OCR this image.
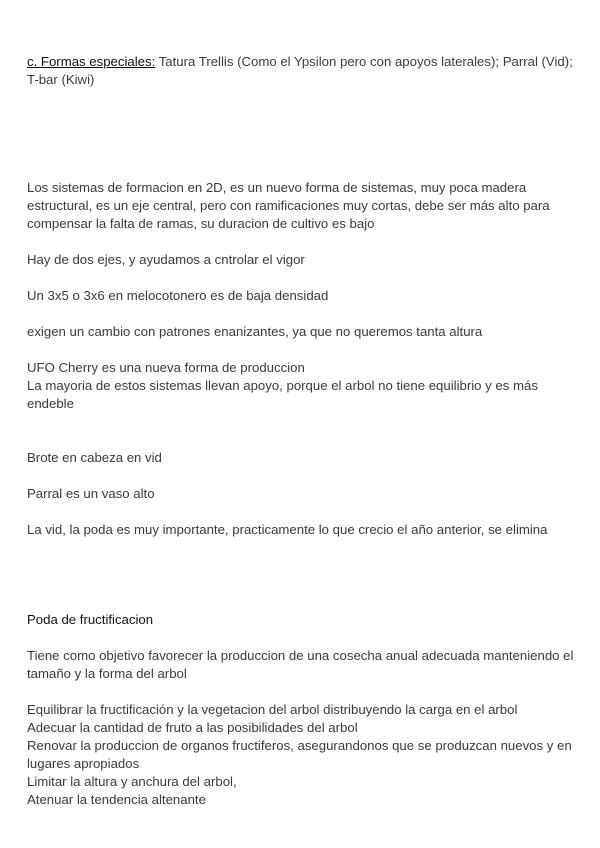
c. Formas especiales: Tatura Trellis (Como el Ypsilon pero con apoyos laterales); Parral (Vid); T-bar (Kiwi)

Los sistemas de formacion en 2D, es un nuevo forma de sistemas, muy poca madera estructural, es un eje central, pero con ramificaciones muy cortas, debe ser más alto para compensar la falta de ramas, su duracion de cultivo es bajo

Hay de dos ejes, y ayudamos a cntrolar el vigor

Un 3x5 o 3x6 en melocotonero es de baja densidad

exigen un cambio con patrones enanizantes, ya que no queremos tanta altura

UFO Cherry es una nueva forma de produccion

La mayoria de estos sistemas llevan apoyo, porque el arbol no tiene equilibrio y es más endeble

Brote en cabeza en vid

Parral es un vaso alto

La vid, la poda es muy importante, practicamente lo que crecio el año anterior, se elimina

Poda de fructificacion

Tiene como objetivo favorecer la produccion de una cosecha anual adecuada manteniendo el tamaño y la forma del arbol

Equilibrar la fructificación y la vegetacion del arbol distribuyendo la carga en el arbol

Adecuar la cantidad de fruto a las posibilidades del arbol

Renovar la produccion de organos fructiferos, asegurandonos que se produzcan nuevos y en lugares apropiados

Limitar la altura y anchura del arbol,

Atenuar la tendencia altenante
